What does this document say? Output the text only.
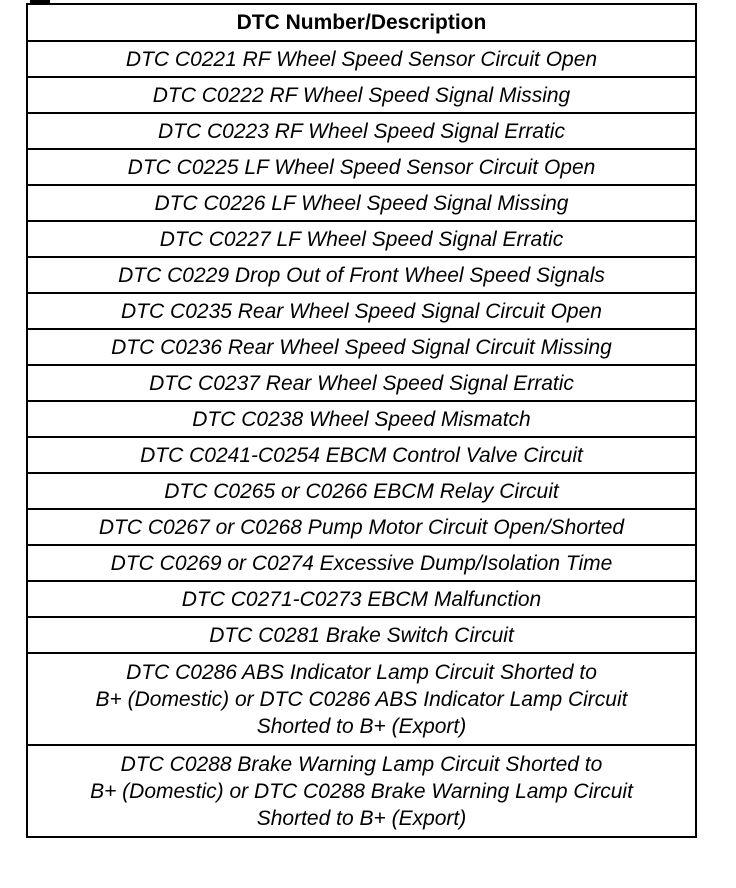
DTC Number/Description
DTC C0221 RF Wheel Speed Sensor Circuit Open
DTC C0222 RF Wheel Speed Signal Missing
DTC C0223 RF Wheel Speed Signal Erratic
DTC C0225 LF Wheel Speed Sensor Circuit Open
DTC C0226 LF Wheel Speed Signal Missing
DTC C0227 LF Wheel Speed Signal Erratic
DTC C0229 Drop Out of Front Wheel Speed Signals
DTC C0235 Rear Wheel Speed Signal Circuit Open
DTC C0236 Rear Wheel Speed Signal Circuit Missing
DTC C0237 Rear Wheel Speed Signal Erratic
DTC C0238 Wheel Speed Mismatch
DTC C0241-C0254 EBCM Control Valve Circuit
DTC C0265 or C0266 EBCM Relay Circuit
DTC C0267 or C0268 Pump Motor Circuit Open/Shorted
DTC C0269 or C0274 Excessive Dump/Isolation Time
DTC C0271-C0273 EBCM Malfunction
DTC C0281 Brake Switch Circuit

DTC C0286 ABS Indicator Lamp Circuit Shorted to
B+ (Domestic) or DTC C0286 ABS Indicator Lamp Circuit
Shorted to B+ (Export)

DTC C0288 Brake Warning Lamp Circuit Shorted to
B+ (Domestic) or DTC C0288 Brake Warning Lamp Circuit
Shorted to B+ (Export)
